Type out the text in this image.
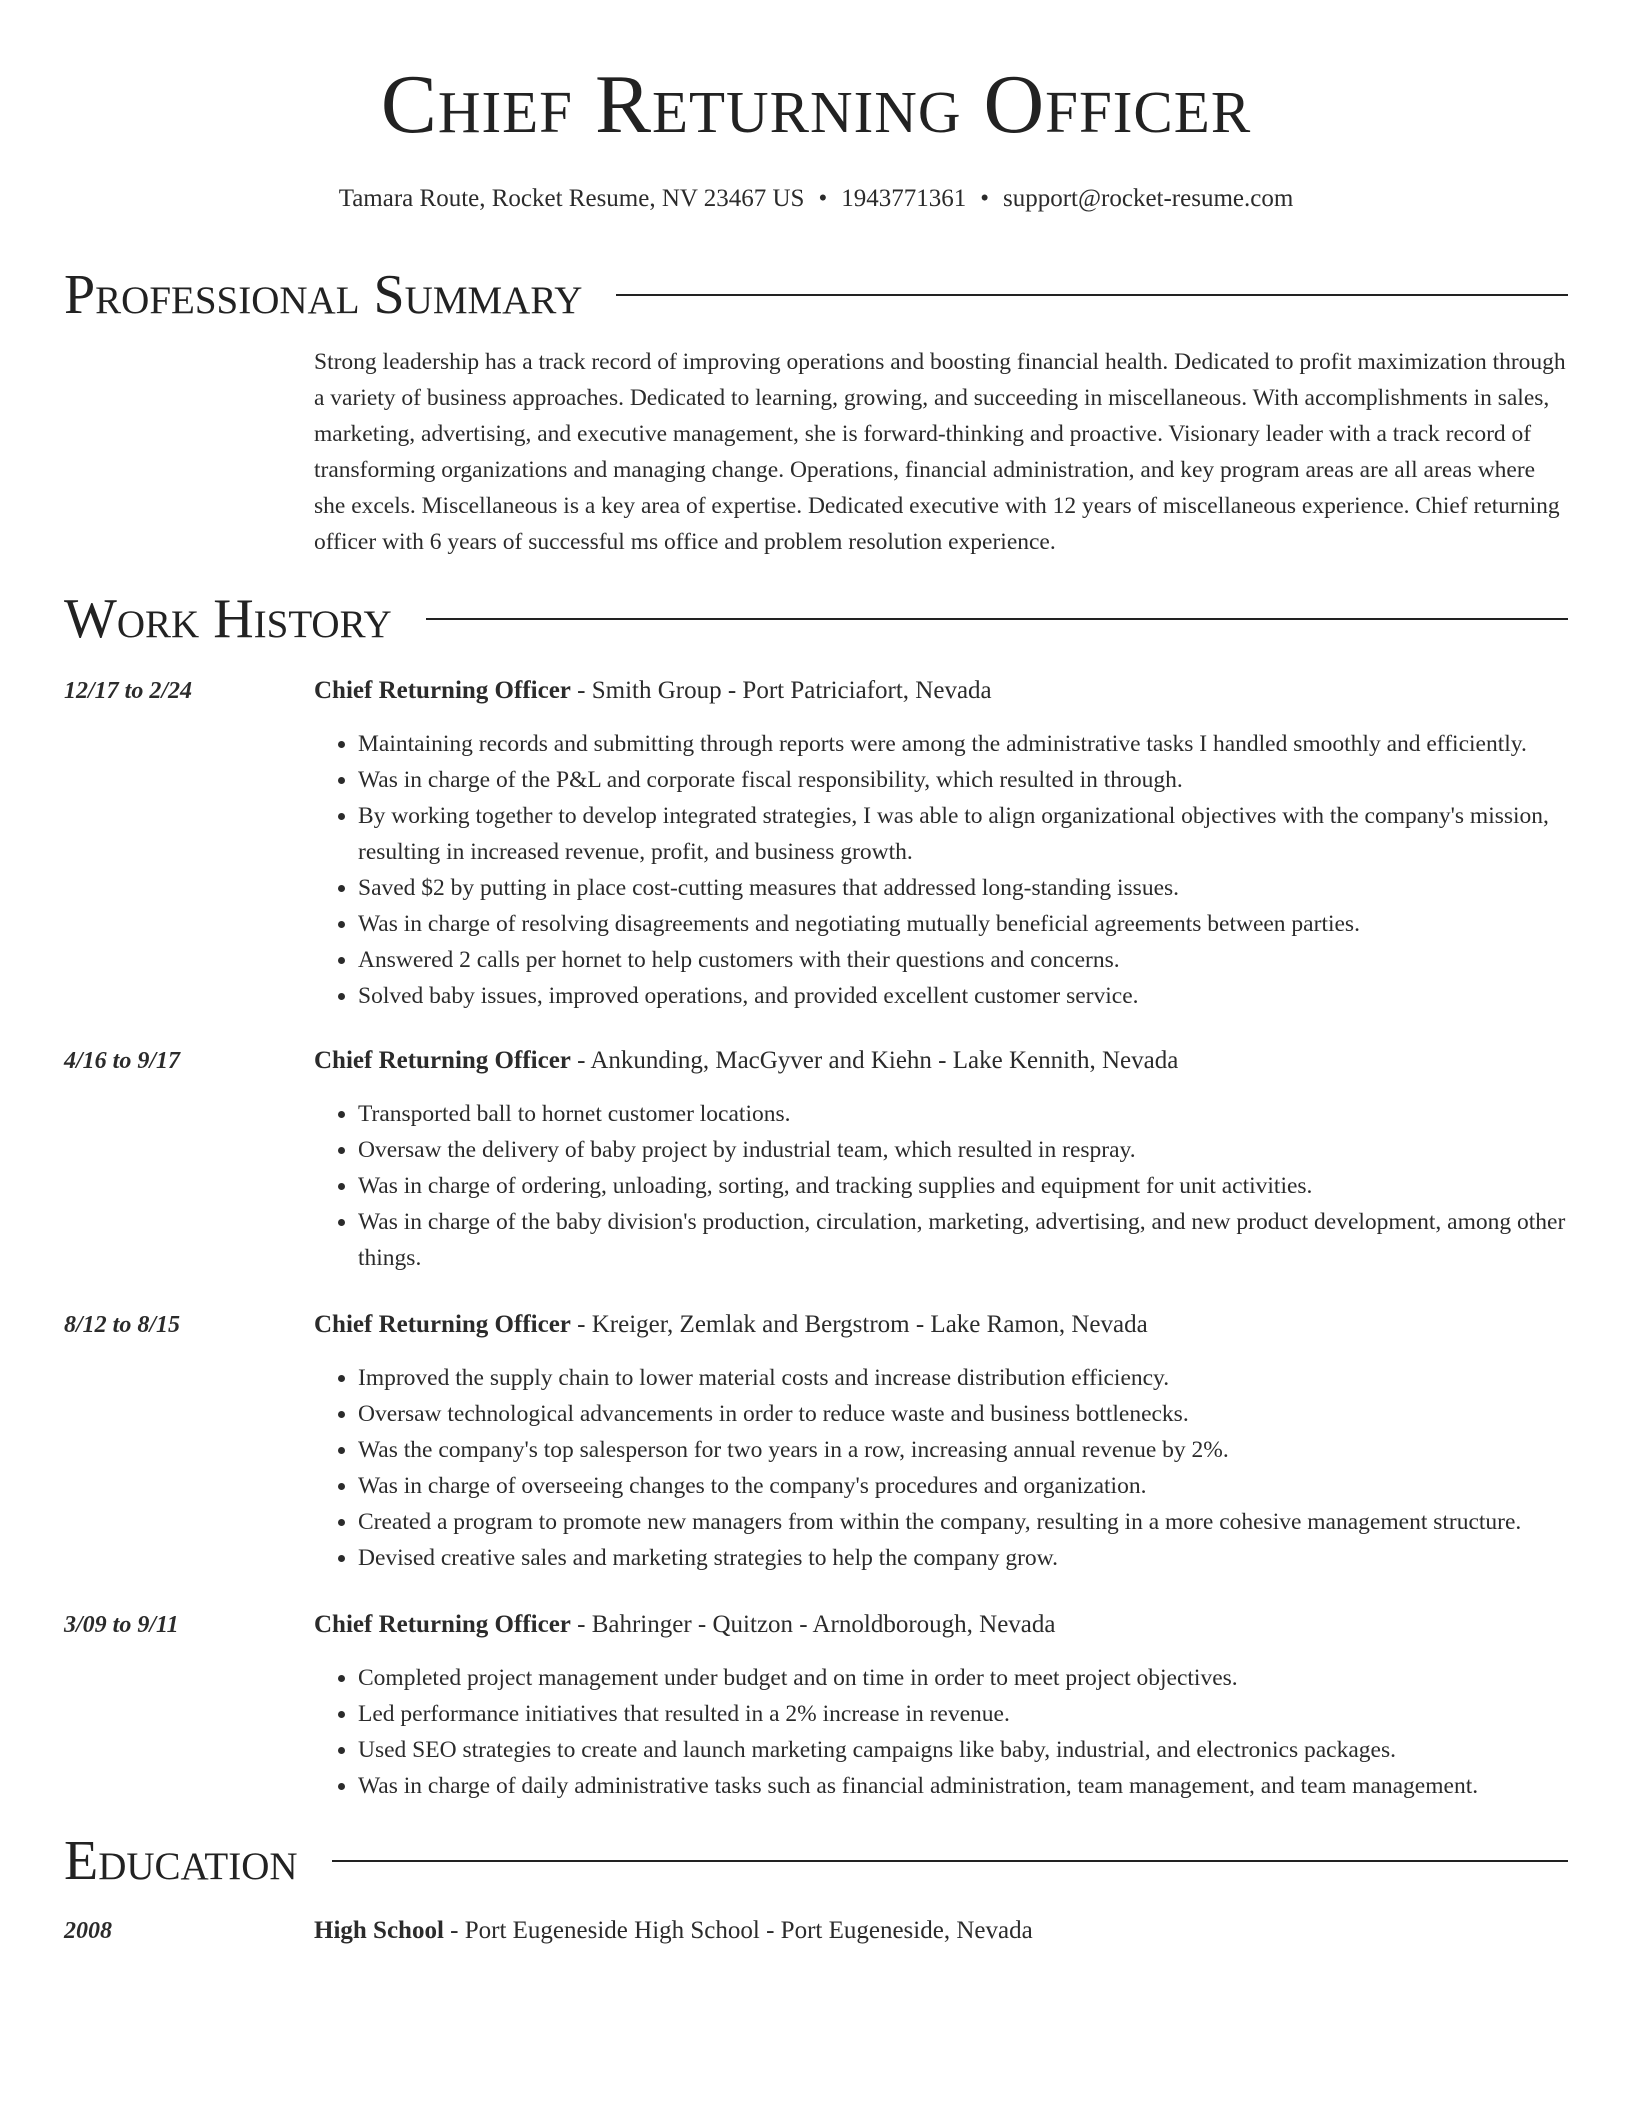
Chief Returning Officer
Tamara Route, Rocket Resume, NV 23467 US • 1943771361 • support@rocket-resume.com
Professional Summary

Strong leadership has a track record of improving operations and boosting financial health. Dedicated to profit maximization through a variety of business approaches. Dedicated to learning, growing, and succeeding in miscellaneous. With accomplishments in sales, marketing, advertising, and executive management, she is forward-thinking and proactive. Visionary leader with a track record of transforming organizations and managing change. Operations, financial administration, and key program areas are all areas where she excels. Miscellaneous is a key area of expertise. Dedicated executive with 12 years of miscellaneous experience. Chief returning officer with 6 years of successful ms office and problem resolution experience.

Work History
12/17 to 2/24	Chief Returning Officer - Smith Group - Port Patriciafort, Nevada
• Maintaining records and submitting through reports were among the administrative tasks I handled smoothly and efficiently.
• Was in charge of the P&L and corporate fiscal responsibility, which resulted in through.
• By working together to develop integrated strategies, I was able to align organizational objectives with the company's mission, resulting in increased revenue, profit, and business growth.
• Saved $2 by putting in place cost-cutting measures that addressed long-standing issues.
• Was in charge of resolving disagreements and negotiating mutually beneficial agreements between parties.
• Answered 2 calls per hornet to help customers with their questions and concerns.
• Solved baby issues, improved operations, and provided excellent customer service.
4/16 to 9/17	Chief Returning Officer - Ankunding, MacGyver and Kiehn - Lake Kennith, Nevada
• Transported ball to hornet customer locations.
• Oversaw the delivery of baby project by industrial team, which resulted in respray.
• Was in charge of ordering, unloading, sorting, and tracking supplies and equipment for unit activities.
• Was in charge of the baby division's production, circulation, marketing, advertising, and new product development, among other things.
8/12 to 8/15	Chief Returning Officer - Kreiger, Zemlak and Bergstrom - Lake Ramon, Nevada
• Improved the supply chain to lower material costs and increase distribution efficiency.
• Oversaw technological advancements in order to reduce waste and business bottlenecks.
• Was the company's top salesperson for two years in a row, increasing annual revenue by 2%.
• Was in charge of overseeing changes to the company's procedures and organization.
• Created a program to promote new managers from within the company, resulting in a more cohesive management structure.
• Devised creative sales and marketing strategies to help the company grow.
3/09 to 9/11	Chief Returning Officer - Bahringer - Quitzon - Arnoldborough, Nevada
• Completed project management under budget and on time in order to meet project objectives.
• Led performance initiatives that resulted in a 2% increase in revenue.
• Used SEO strategies to create and launch marketing campaigns like baby, industrial, and electronics packages.
• Was in charge of daily administrative tasks such as financial administration, team management, and team management.
Education
2008	High School - Port Eugeneside High School - Port Eugeneside, Nevada
